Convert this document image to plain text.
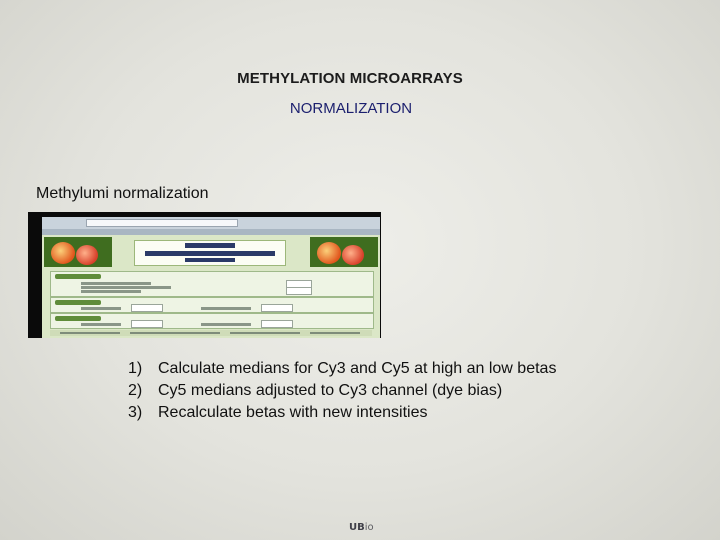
METHYLATION MICROARRAYS
NORMALIZATION
Methylumi normalization
1) Calculate medians for Cy3 and Cy5 at high an low betas
2) Cy5 medians adjusted to Cy3 channel (dye bias)
3) Recalculate betas with new intensities
UBio
